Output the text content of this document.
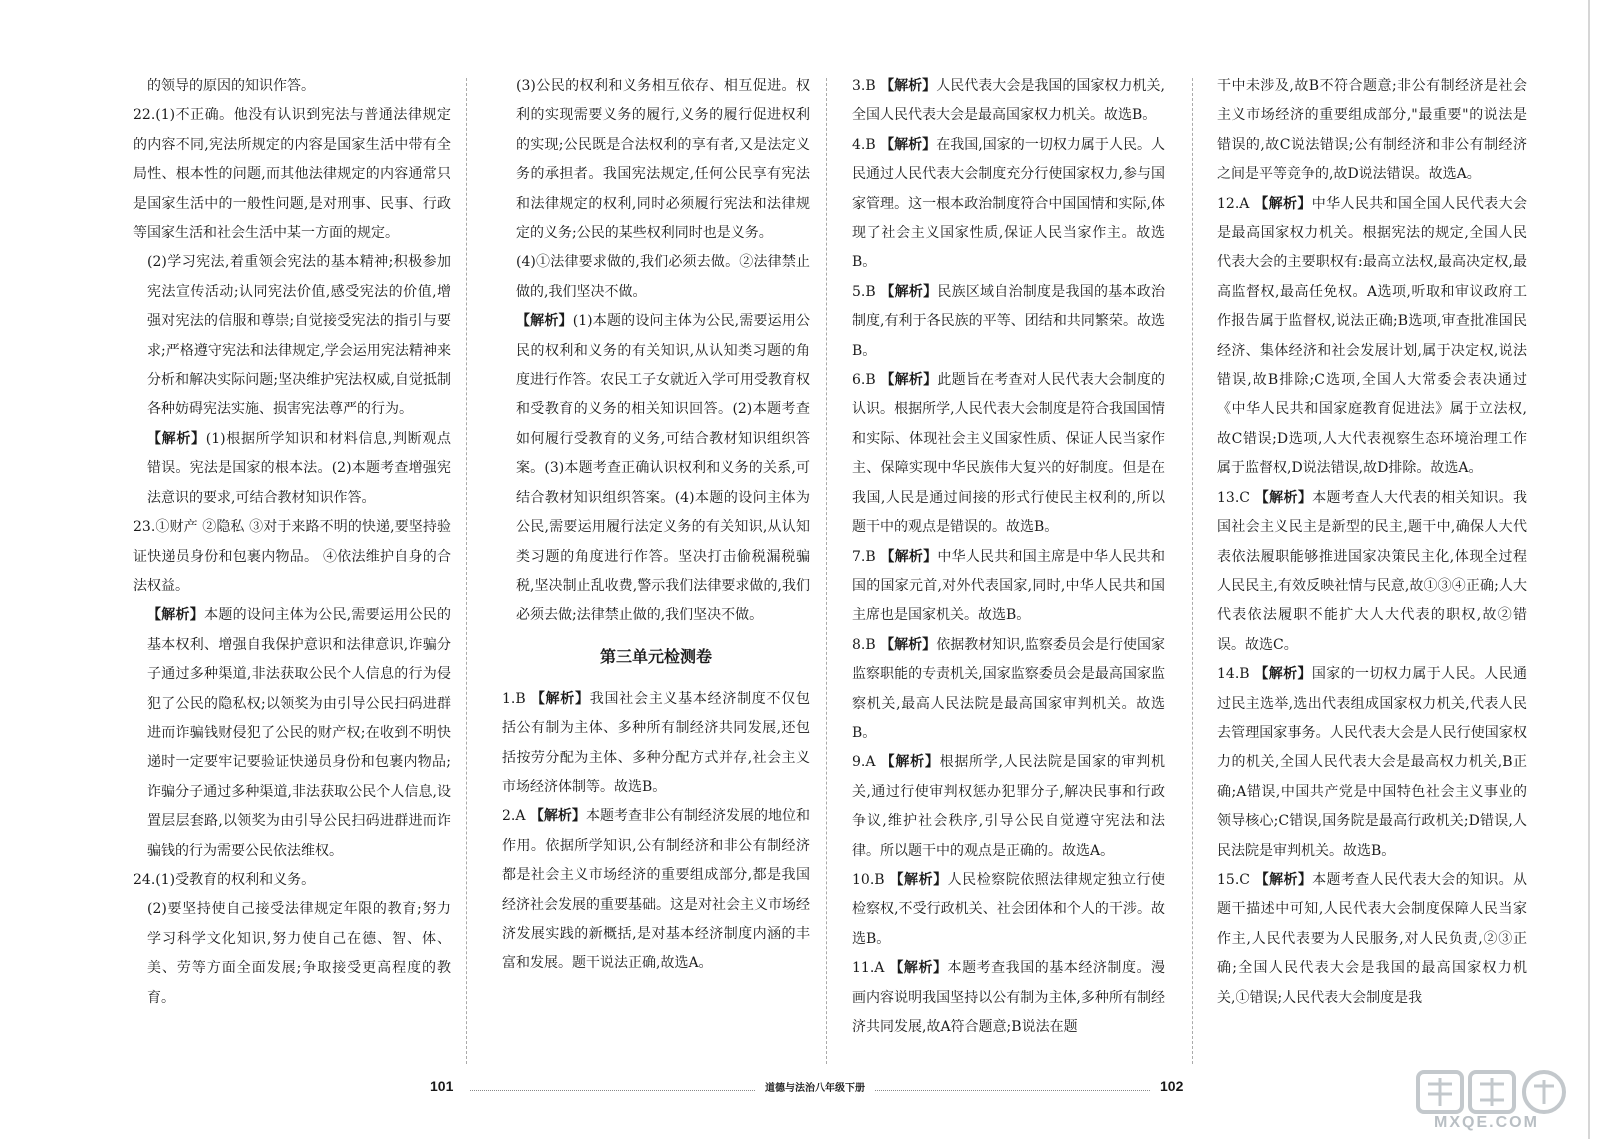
的领导的原因的知识作答。

22.(1)不正确。他没有认识到宪法与普通法律规定的内容不同,宪法所规定的内容是国家生活中带有全局性、根本性的问题,而其他法律规定的内容通常只是国家生活中的一般性问题,是对刑事、民事、行政等国家生活和社会生活中某一方面的规定。

(2)学习宪法,着重领会宪法的基本精神;积极参加宪法宣传活动;认同宪法价值,感受宪法的价值,增强对宪法的信服和尊崇;自觉接受宪法的指引与要求;严格遵守宪法和法律规定,学会运用宪法精神来分析和解决实际问题;坚决维护宪法权威,自觉抵制各种妨碍宪法实施、损害宪法尊严的行为。

【解析】(1)根据所学知识和材料信息,判断观点错误。宪法是国家的根本法。(2)本题考查增强宪法意识的要求,可结合教材知识作答。

23.①财产 ②隐私 ③对于来路不明的快递,要坚持验证快递员身份和包裹内物品。 ④依法维护自身的合法权益。

【解析】本题的设问主体为公民,需要运用公民的基本权利、增强自我保护意识和法律意识,诈骗分子通过多种渠道,非法获取公民个人信息的行为侵犯了公民的隐私权;以领奖为由引导公民扫码进群进而诈骗钱财侵犯了公民的财产权;在收到不明快递时一定要牢记要验证快递员身份和包裹内物品;诈骗分子通过多种渠道,非法获取公民个人信息,设置层层套路,以领奖为由引导公民扫码进群进而诈骗钱的行为需要公民依法维权。

24.(1)受教育的权利和义务。

(2)要坚持使自己接受法律规定年限的教育;努力学习科学文化知识,努力使自己在德、智、体、美、劳等方面全面发展;争取接受更高程度的教育。

(3)公民的权利和义务相互依存、相互促进。权利的实现需要义务的履行,义务的履行促进权利的实现;公民既是合法权利的享有者,又是法定义务的承担者。我国宪法规定,任何公民享有宪法和法律规定的权利,同时必须履行宪法和法律规定的义务;公民的某些权利同时也是义务。

(4)①法律要求做的,我们必须去做。②法律禁止做的,我们坚决不做。

【解析】(1)本题的设问主体为公民,需要运用公民的权利和义务的有关知识,从认知类习题的角度进行作答。农民工子女就近入学可用受教育权和受教育的义务的相关知识回答。(2)本题考查如何履行受教育的义务,可结合教材知识组织答案。(3)本题考查正确认识权利和义务的关系,可结合教材知识组织答案。(4)本题的设问主体为公民,需要运用履行法定义务的有关知识,从认知类习题的角度进行作答。坚决打击偷税漏税骗税,坚决制止乱收费,警示我们法律要求做的,我们必须去做;法律禁止做的,我们坚决不做。

第三单元检测卷

1.B 【解析】我国社会主义基本经济制度不仅包括公有制为主体、多种所有制经济共同发展,还包括按劳分配为主体、多种分配方式并存,社会主义市场经济体制等。故选B。

2.A 【解析】本题考查非公有制经济发展的地位和作用。依据所学知识,公有制经济和非公有制经济都是社会主义市场经济的重要组成部分,都是我国经济社会发展的重要基础。这是对社会主义市场经济发展实践的新概括,是对基本经济制度内涵的丰富和发展。题干说法正确,故选A。

3.B 【解析】人民代表大会是我国的国家权力机关,全国人民代表大会是最高国家权力机关。故选B。

4.B 【解析】在我国,国家的一切权力属于人民。人民通过人民代表大会制度充分行使国家权力,参与国家管理。这一根本政治制度符合中国国情和实际,体现了社会主义国家性质,保证人民当家作主。故选B。

5.B 【解析】民族区域自治制度是我国的基本政治制度,有利于各民族的平等、团结和共同繁荣。故选B。

6.B 【解析】此题旨在考查对人民代表大会制度的认识。根据所学,人民代表大会制度是符合我国国情和实际、体现社会主义国家性质、保证人民当家作主、保障实现中华民族伟大复兴的好制度。但是在我国,人民是通过间接的形式行使民主权利的,所以题干中的观点是错误的。故选B。

7.B 【解析】中华人民共和国主席是中华人民共和国的国家元首,对外代表国家,同时,中华人民共和国主席也是国家机关。故选B。

8.B 【解析】依据教材知识,监察委员会是行使国家监察职能的专责机关,国家监察委员会是最高国家监察机关,最高人民法院是最高国家审判机关。故选B。

9.A 【解析】根据所学,人民法院是国家的审判机关,通过行使审判权惩办犯罪分子,解决民事和行政争议,维护社会秩序,引导公民自觉遵守宪法和法律。所以题干中的观点是正确的。故选A。

10.B 【解析】人民检察院依照法律规定独立行使检察权,不受行政机关、社会团体和个人的干涉。故选B。

11.A 【解析】本题考查我国的基本经济制度。漫画内容说明我国坚持以公有制为主体,多种所有制经济共同发展,故A符合题意;B说法在题

干中未涉及,故B不符合题意;非公有制经济是社会主义市场经济的重要组成部分,"最重要"的说法是错误的,故C说法错误;公有制经济和非公有制经济之间是平等竞争的,故D说法错误。故选A。

12.A 【解析】中华人民共和国全国人民代表大会是最高国家权力机关。根据宪法的规定,全国人民代表大会的主要职权有:最高立法权,最高决定权,最高监督权,最高任免权。A选项,听取和审议政府工作报告属于监督权,说法正确;B选项,审查批准国民经济、集体经济和社会发展计划,属于决定权,说法错误,故B排除;C选项,全国人大常委会表决通过《中华人民共和国家庭教育促进法》属于立法权,故C错误;D选项,人大代表视察生态环境治理工作属于监督权,D说法错误,故D排除。故选A。

13.C 【解析】本题考查人大代表的相关知识。我国社会主义民主是新型的民主,题干中,确保人大代表依法履职能够推进国家决策民主化,体现全过程人民民主,有效反映社情与民意,故①③④正确;人大代表依法履职不能扩大人大代表的职权,故②错误。故选C。

14.B 【解析】国家的一切权力属于人民。人民通过民主选举,选出代表组成国家权力机关,代表人民去管理国家事务。人民代表大会是人民行使国家权力的机关,全国人民代表大会是最高权力机关,B正确;A错误,中国共产党是中国特色社会主义事业的领导核心;C错误,国务院是最高行政机关;D错误,人民法院是审判机关。故选B。

15.C 【解析】本题考查人民代表大会的知识。从题干描述中可知,人民代表大会制度保障人民当家作主,人民代表要为人民服务,对人民负责,②③正确;全国人民代表大会是我国的最高国家权力机关,①错误;人民代表大会制度是我

101	道德与法治八年级下册	102
MXQE.COM
